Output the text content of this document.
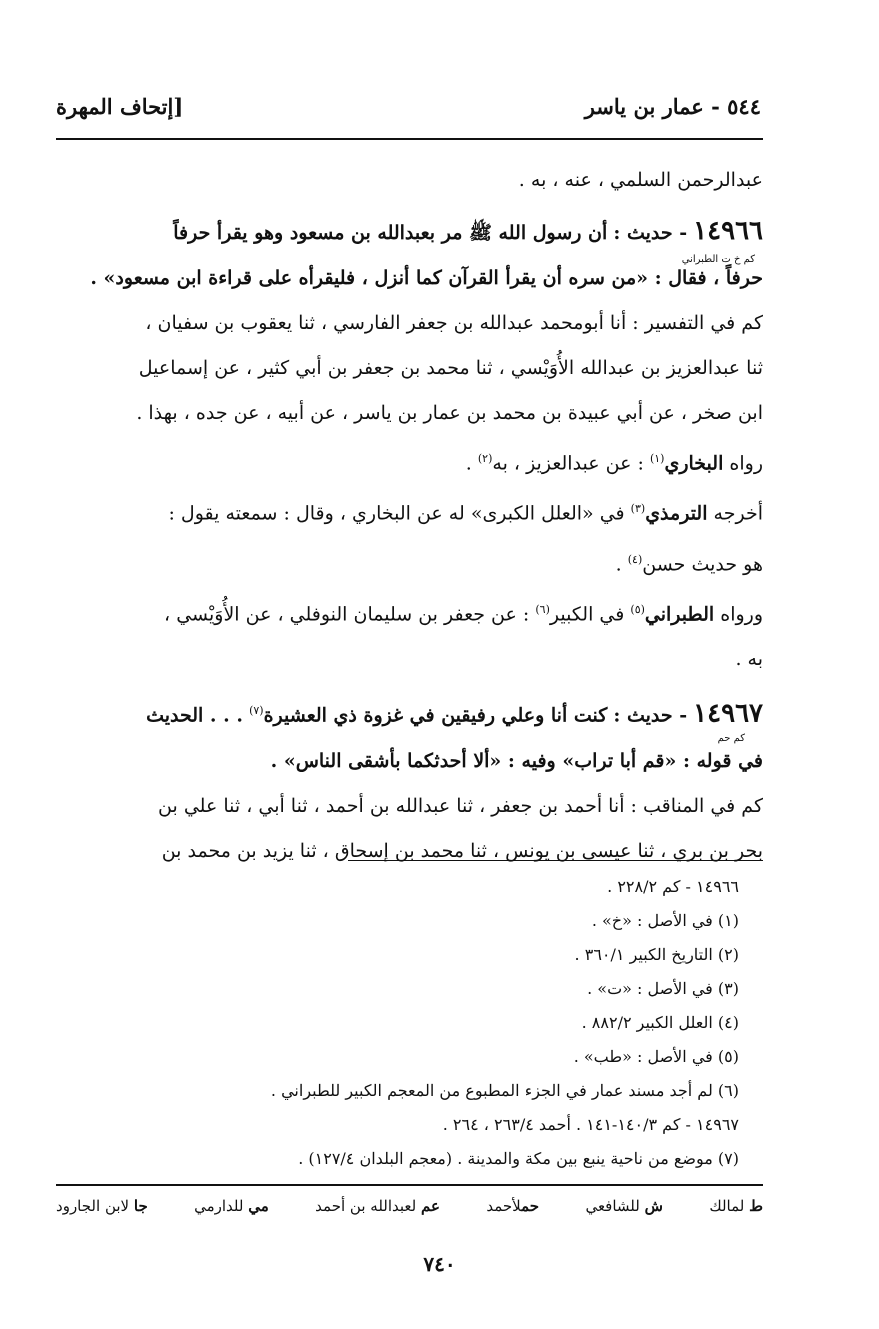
٥٤٤ - عمار بن ياسر
[إتحاف المهرة
عبدالرحمن السلمي ، عنه ، به .
١٤٩٦٦ - حديث : أن رسول الله ﷺ مر بعبدالله بن مسعود وهو يقرأ حرفاً
كم خ ت الطبراني
حرفاً ، فقال : «من سره أن يقرأ القرآن كما أنزل ، فليقرأه على قراءة ابن مسعود» .
كم في التفسير : أنا أبومحمد عبدالله بن جعفر الفارسي ، ثنا يعقوب بن سفيان ،
ثنا عبدالعزيز بن عبدالله الأُوَيْسي ، ثنا محمد بن جعفر بن أبي كثير ، عن إسماعيل
ابن صخر ، عن أبي عبيدة بن محمد بن عمار بن ياسر ، عن أبيه ، عن جده ، بهذا .
رواه البخاري$^{(١)}$ : عن عبدالعزيز ، به$^{(٢)}$ .
أخرجه الترمذي$^{(٣)}$ في «العلل الكبرى» له عن البخاري ، وقال : سمعته يقول :
هو حديث حسن$^{(٤)}$ .
ورواه الطبراني$^{(٥)}$ في الكبير$^{(٦)}$ : عن جعفر بن سليمان النوفلي ، عن الأُوَيْسي ،
به .
١٤٩٦٧ - حديث : كنت أنا وعلي رفيقين في غزوة ذي العشيرة$^{(٧)}$ . . . الحديث
كم حم
في قوله : «قم أبا تراب» وفيه : «ألا أحدثكما بأشقى الناس» .
كم في المناقب : أنا أحمد بن جعفر ، ثنا عبدالله بن أحمد ، ثنا أبي ، ثنا علي بن
بحر بن بري ، ثنا عيسى بن يونس ، ثنا محمد بن إسحاق ، ثنا يزيد بن محمد بن
١٤٩٦٦ - كم ٢٢٨/٢ .
(١) في الأصل : «خ» .
(٢) التاريخ الكبير ٣٦٠/١ .
(٣) في الأصل : «ت» .
(٤) العلل الكبير ٨٨٢/٢ .
(٥) في الأصل : «طب» .
(٦) لم أجد مسند عمار في الجزء المطبوع من المعجم الكبير للطبراني .
١٤٩٦٧ - كم ١٤٠/٣-١٤١ . أحمد ٢٦٣/٤ ، ٢٦٤ .
(٧) موضع من ناحية ينبع بين مكة والمدينة . (معجم البلدان ١٢٧/٤) .
ط لمالك
ش للشافعي
حملأحمد
عم لعبدالله بن أحمد
مي للدارمي
جا لابن الجارود
٧٤٠
